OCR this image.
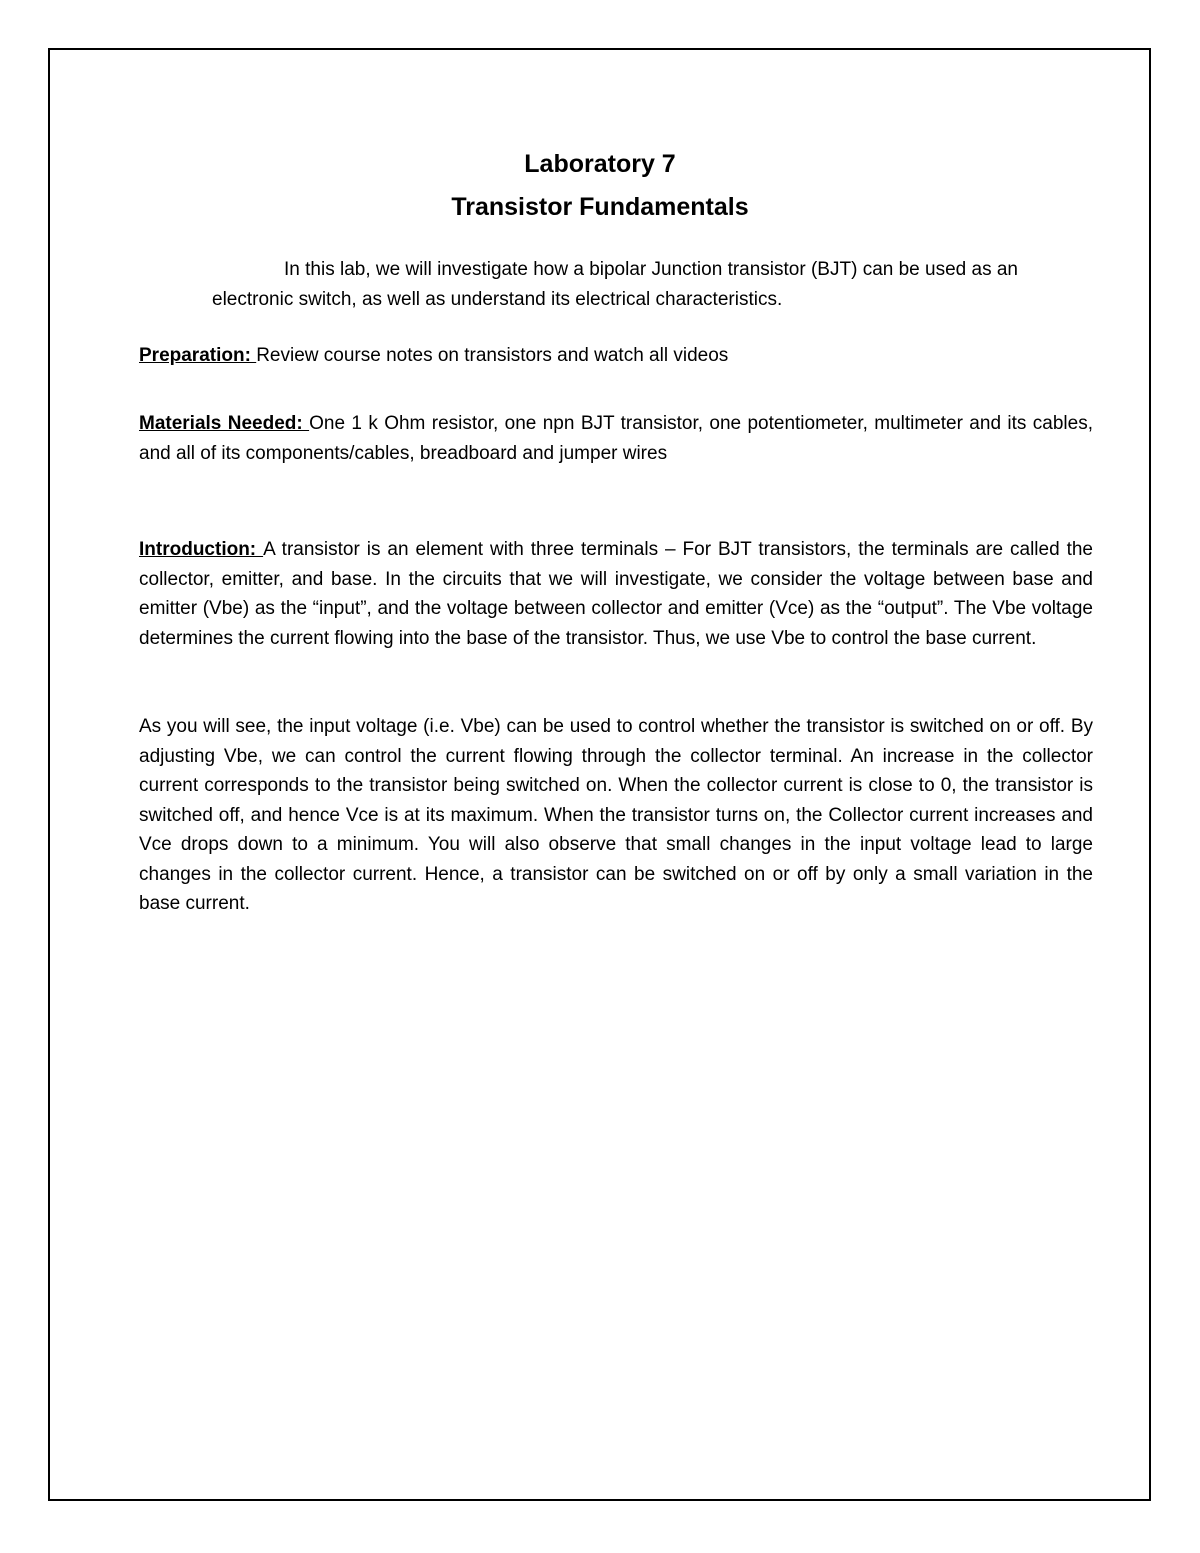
Laboratory 7
Transistor Fundamentals
In this lab, we will investigate how a bipolar Junction transistor (BJT) can be used as an electronic switch, as well as understand its electrical characteristics.
Preparation: Review course notes on transistors and watch all videos
Materials Needed: One 1 k Ohm resistor, one npn BJT transistor, one potentiometer, multimeter and its cables, and all of its components/cables, breadboard and jumper wires
Introduction: A transistor is an element with three terminals – For BJT transistors, the terminals are called the collector, emitter, and base. In the circuits that we will investigate, we consider the voltage between base and emitter (Vbe) as the “input”, and the voltage between collector and emitter (Vce) as the “output”. The Vbe voltage determines the current flowing into the base of the transistor. Thus, we use Vbe to control the base current.
As you will see, the input voltage (i.e. Vbe) can be used to control whether the transistor is switched on or off. By adjusting Vbe, we can control the current flowing through the collector terminal. An increase in the collector current corresponds to the transistor being switched on. When the collector current is close to 0, the transistor is switched off, and hence Vce is at its maximum. When the transistor turns on, the Collector current increases and Vce drops down to a minimum. You will also observe that small changes in the input voltage lead to large changes in the collector current. Hence, a transistor can be switched on or off by only a small variation in the base current.
